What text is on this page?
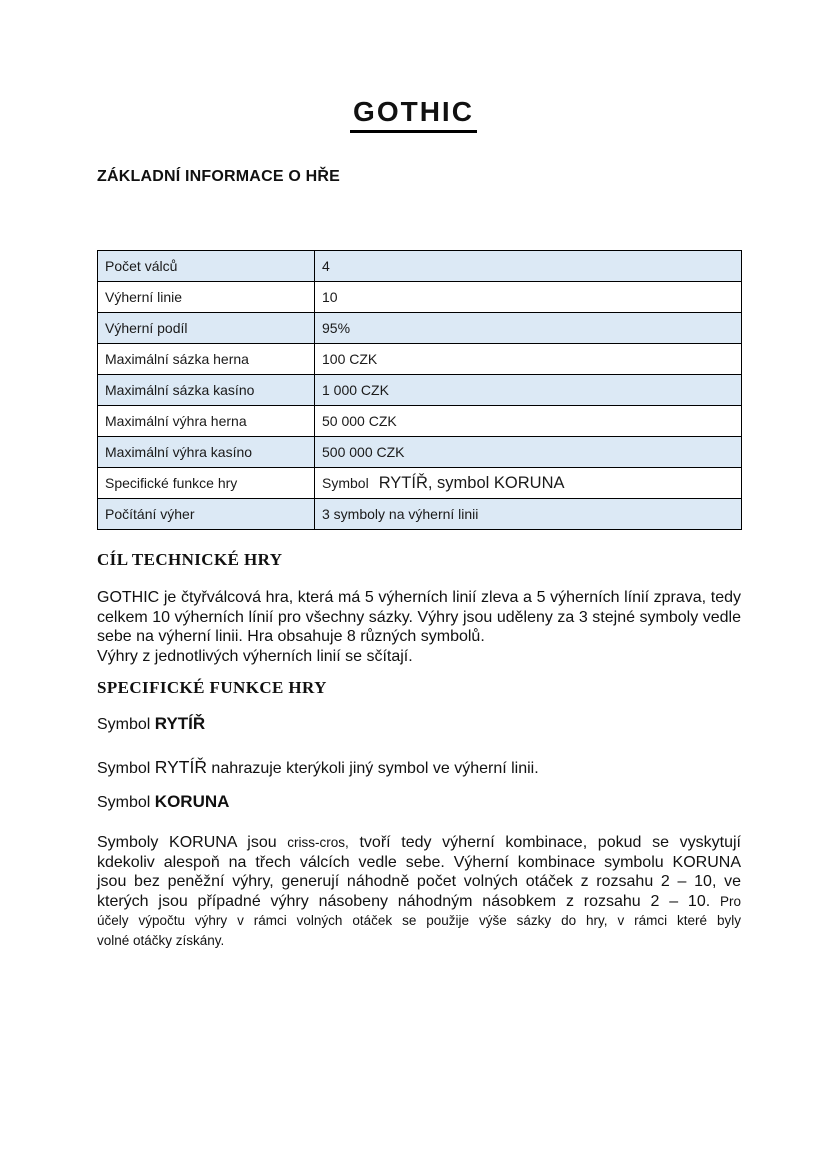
GOTHIC
ZÁKLADNÍ INFORMACE O HŘE
Počet válců	4
Výherní linie	10
Výherní podíl	95%
Maximální sázka herna	100 CZK
Maximální sázka kasíno	1 000 CZK
Maximální výhra herna	50 000 CZK
Maximální výhra kasíno	500 000 CZK
Specifické funkce hry	Symbol RYTÍŘ, symbol KORUNA
Počítání výher	3 symboly na výherní linii
CÍL TECHNICKÉ HRY
GOTHIC je čtyřválcová hra, která má 5 výherních linií zleva a 5 výherních línií zprava, tedy
celkem 10 výherních línií pro všechny sázky. Výhry jsou uděleny za 3 stejné symboly vedle
sebe na výherní linii. Hra obsahuje 8 různých symbolů.
Výhry z jednotlivých výherních linií se sčítají.
SPECIFICKÉ FUNKCE HRY
Symbol RYTÍŘ
Symbol RYTÍŘ nahrazuje kterýkoli jiný symbol ve výherní linii.
Symbol KORUNA
Symboly KORUNA jsou criss-cros, tvoří tedy výherní kombinace, pokud se vyskytují
kdekoliv alespoň na třech válcích vedle sebe. Výherní kombinace symbolu KORUNA
jsou bez peněžní výhry, generují náhodně počet volných otáček z rozsahu 2 – 10, ve
kterých jsou případné výhry násobeny náhodným násobkem z rozsahu 2 – 10. Pro
účely výpočtu výhry v rámci volných otáček se použije výše sázky do hry, v rámci které byly
volné otáčky získány.
